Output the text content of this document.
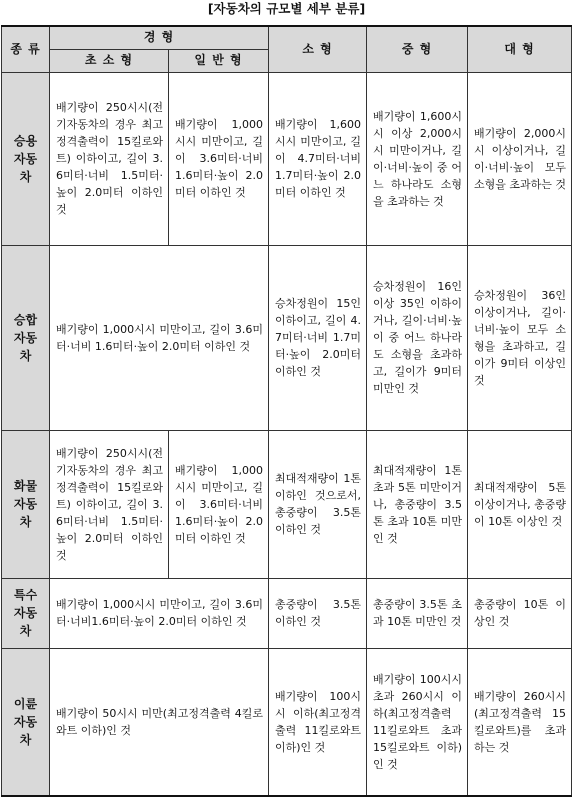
[자동차의 규모별 세부 분류]
종 류	경 형		소 형	중 형	대 형
	초 소 형	일 반 형			

승용
자동
차	배기량이 250시시(전기자동차의 경우 최고정격출력이 15킬로와트) 이하이고, 길이 3.6미터·너비 1.5미터·높이 2.0미터 이하인 것	배기량이 1,000시시 미만이고, 길이 3.6미터·너비 1.6미터·높이 2.0미터 이하인 것	배기량이 1,600시시 미만이고, 길이 4.7미터·너비 1.7미터·높이 2.0미터 이하인 것	배기량이 1,600시시 이상 2,000시시 미만이거나, 길이·너비·높이 중 어느 하나라도 소형을 초과하는 것	배기량이 2,000시시 이상이거나, 길이·너비·높이 모두 소형을 초과하는 것

승합
자동
차	배기량이 1,000시시 미만이고, 길이 3.6미터·너비 1.6미터·높이 2.0미터 이하인 것		승차정원이 15인 이하이고, 길이 4.7미터·너비 1.7미터·높이 2.0미터 이하인 것	승차정원이 16인 이상 35인 이하이거나, 길이·너비·높이 중 어느 하나라도 소형을 초과하고, 길이가 9미터 미만인 것	승차정원이 36인 이상이거나, 길이·너비·높이 모두 소형을 초과하고, 길이가 9미터 이상인 것

화물
자동
차	배기량이 250시시(전기자동차의 경우 최고정격출력이 15킬로와트) 이하이고, 길이 3.6미터·너비 1.5미터·높이 2.0미터 이하인 것	배기량이 1,000시시 미만이고, 길이 3.6미터·너비 1.6미터·높이 2.0미터 이하인 것	최대적재량이 1톤 이하인 것으로서, 총중량이 3.5톤 이하인 것	최대적재량이 1톤 초과 5톤 미만이거나, 총중량이 3.5톤 초과 10톤 미만인 것	최대적재량이 5톤 이상이거나, 총중량이 10톤 이상인 것

특수
자동
차	배기량이 1,000시시 미만이고, 길이 3.6미터·너비1.6미터·높이 2.0미터 이하인 것		총중량이 3.5톤 이하인 것	총중량이 3.5톤 초과 10톤 미만인 것	총중량이 10톤 이상인 것

이륜
자동
차	배기량이 50시시 미만(최고정격출력 4킬로와트 이하)인 것		배기량이 100시시 이하(최고정격출력 11킬로와트 이하)인 것	배기량이 100시시 초과 260시시 이하(최고정격출력 11킬로와트 초과 15킬로와트 이하)인 것	배기량이 260시시(최고정격출력 15킬로와트)를 초과하는 것
